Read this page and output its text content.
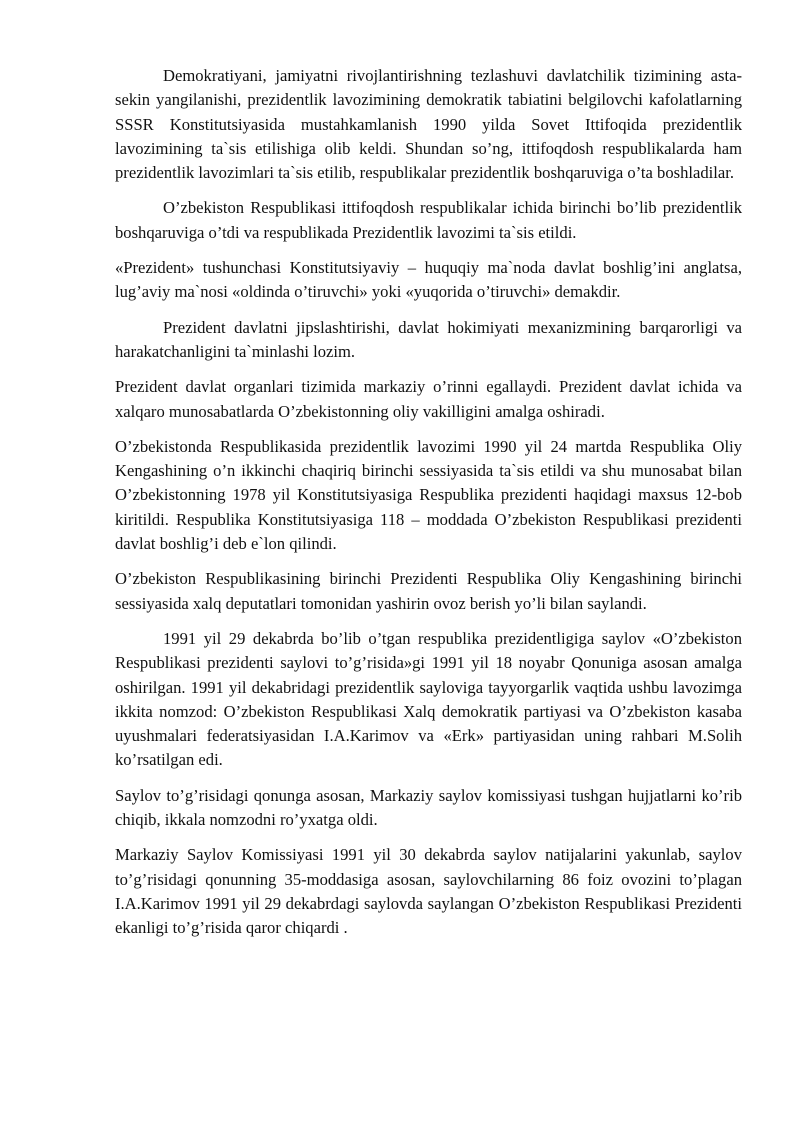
Demokratiyani, jamiyatni rivojlantirishning tezlashuvi davlatchilik tizimining asta-sekin yangilanishi, prezidentlik lavozimining demokratik tabiatini belgilovchi kafolatlarning SSSR Konstitutsiyasida mustahkamlanish 1990 yilda Sovet Ittifoqida prezidentlik lavozimining ta`sis etilishiga olib keldi. Shundan so’ng, ittifoqdosh respublikalarda ham prezidentlik lavozimlari ta`sis etilib, respublikalar prezidentlik boshqaruviga o’ta boshladilar.

O’zbekiston Respublikasi ittifoqdosh respublikalar ichida birinchi bo’lib prezidentlik boshqaruviga o’tdi va respublikada Prezidentlik lavozimi ta`sis etildi.

«Prezident» tushunchasi Konstitutsiyaviy – huquqiy ma`noda davlat boshlig’ini anglatsa, lug’aviy ma`nosi «oldinda o’tiruvchi» yoki «yuqorida o’tiruvchi» demakdir.

Prezident davlatni jipslashtirishi, davlat hokimiyati mexanizmining barqarorligi va harakatchanligini ta`minlashi lozim.

Prezident davlat organlari tizimida markaziy o’rinni egallaydi. Prezident davlat ichida va xalqaro munosabatlarda O’zbekistonning oliy vakilligini amalga oshiradi.

O’zbekistonda Respublikasida prezidentlik lavozimi 1990 yil 24 martda Respublika Oliy Kengashining o’n ikkinchi chaqiriq birinchi sessiyasida ta`sis etildi va shu munosabat bilan O’zbekistonning 1978 yil Konstitutsiyasiga Respublika prezidenti haqidagi maxsus 12-bob kiritildi. Respublika Konstitutsiyasiga 118 – moddada O’zbekiston Respublikasi prezidenti davlat boshlig’i deb e`lon qilindi.

O’zbekiston Respublikasining birinchi Prezidenti Respublika Oliy Kengashining birinchi sessiyasida xalq deputatlari tomonidan yashirin ovoz berish yo’li bilan saylandi.

1991 yil 29 dekabrda bo’lib o’tgan respublika prezidentligiga saylov «O’zbekiston Respublikasi prezidenti saylovi to’g’risida»gi 1991 yil 18 noyabr Qonuniga asosan amalga oshirilgan. 1991 yil dekabridagi prezidentlik sayloviga tayyorgarlik vaqtida ushbu lavozimga ikkita nomzod: O’zbekiston Respublikasi Xalq demokratik partiyasi va O’zbekiston kasaba uyushmalari federatsiyasidan I.A.Karimov va «Erk» partiyasidan uning rahbari M.Solih ko’rsatilgan edi.

Saylov to’g’risidagi qonunga asosan, Markaziy saylov komissiyasi tushgan hujjatlarni ko’rib chiqib, ikkala nomzodni ro’yxatga oldi.

Markaziy Saylov Komissiyasi 1991 yil 30 dekabrda saylov natijalarini yakunlab, saylov to’g’risidagi qonunning 35-moddasiga asosan, saylovchilarning 86 foiz ovozini to’plagan I.A.Karimov 1991 yil 29 dekabrdagi saylovda saylangan O’zbekiston Respublikasi Prezidenti ekanligi to’g’risida qaror chiqardi .
